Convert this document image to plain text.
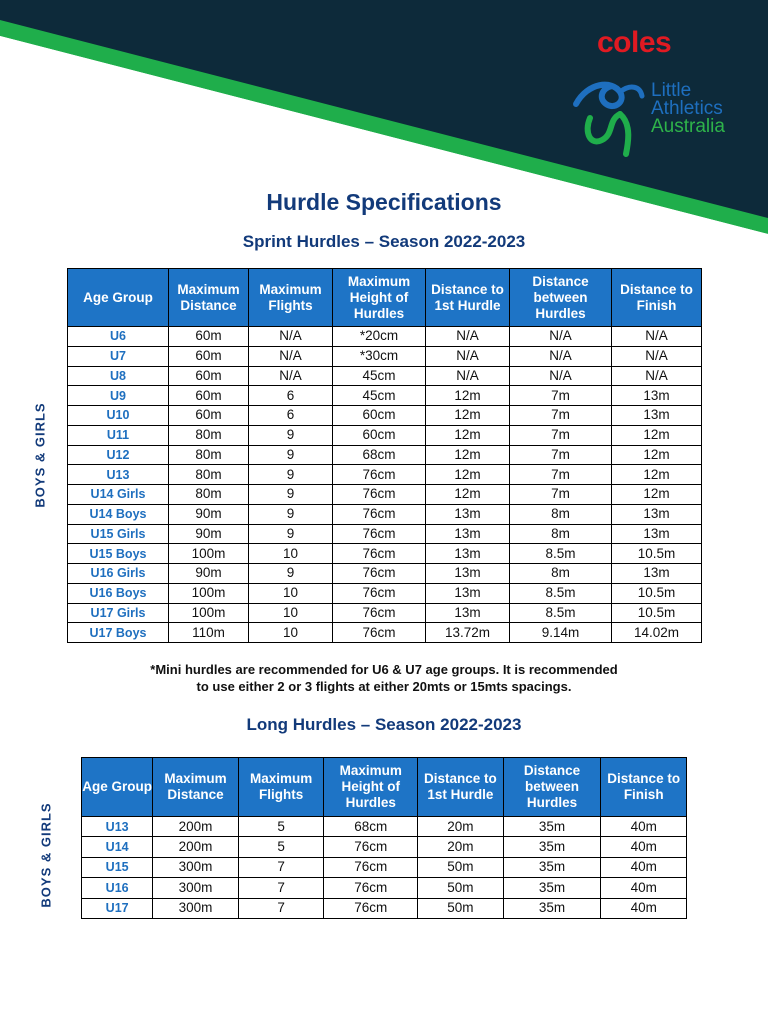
coles
Little
Athletics
Australia
Hurdle Specifications
Sprint Hurdles – Season 2022-2023
BOYS & GIRLS
Age Group	Maximum Distance	Maximum Flights	Maximum Height of Hurdles	Distance to 1st Hurdle	Distance between Hurdles	Distance to Finish
U6	60m	N/A	*20cm	N/A	N/A	N/A
U7	60m	N/A	*30cm	N/A	N/A	N/A
U8	60m	N/A	45cm	N/A	N/A	N/A
U9	60m	6	45cm	12m	7m	13m
U10	60m	6	60cm	12m	7m	13m
U11	80m	9	60cm	12m	7m	12m
U12	80m	9	68cm	12m	7m	12m
U13	80m	9	76cm	12m	7m	12m
U14 Girls	80m	9	76cm	12m	7m	12m
U14 Boys	90m	9	76cm	13m	8m	13m
U15 Girls	90m	9	76cm	13m	8m	13m
U15 Boys	100m	10	76cm	13m	8.5m	10.5m
U16 Girls	90m	9	76cm	13m	8m	13m
U16 Boys	100m	10	76cm	13m	8.5m	10.5m
U17 Girls	100m	10	76cm	13m	8.5m	10.5m
U17 Boys	110m	10	76cm	13.72m	9.14m	14.02m
*Mini hurdles are recommended for U6 & U7 age groups. It is recommended
to use either 2 or 3 flights at either 20mts or 15mts spacings.
Long Hurdles – Season 2022-2023
BOYS & GIRLS
Age Group	Maximum Distance	Maximum Flights	Maximum Height of Hurdles	Distance to 1st Hurdle	Distance between Hurdles	Distance to Finish
U13	200m	5	68cm	20m	35m	40m
U14	200m	5	76cm	20m	35m	40m
U15	300m	7	76cm	50m	35m	40m
U16	300m	7	76cm	50m	35m	40m
U17	300m	7	76cm	50m	35m	40m
